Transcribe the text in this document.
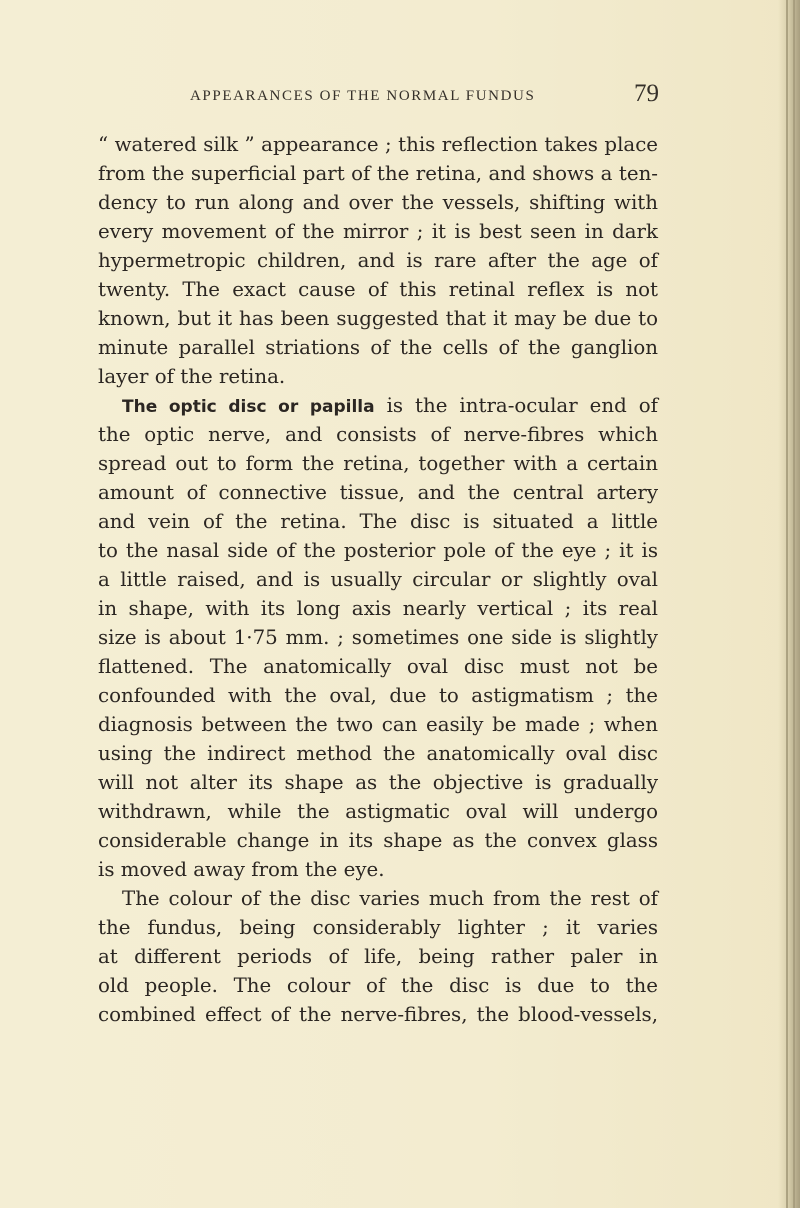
APPEARANCES OF THE NORMAL FUNDUS	79
“ watered silk ” appearance ; this reflection takes place
from the superficial part of the retina, and shows a ten-
dency to run along and over the vessels, shifting with
every movement of the mirror ; it is best seen in dark
hypermetropic children, and is rare after the age of
twenty. The exact cause of this retinal reflex is not
known, but it has been suggested that it may be due to
minute parallel striations of the cells of the ganglion
layer of the retina.
The optic disc or papilla is the intra-ocular end of
the optic nerve, and consists of nerve-fibres which
spread out to form the retina, together with a certain
amount of connective tissue, and the central artery
and vein of the retina. The disc is situated a little
to the nasal side of the posterior pole of the eye ; it is
a little raised, and is usually circular or slightly oval
in shape, with its long axis nearly vertical ; its real
size is about 1·75 mm. ; sometimes one side is slightly
flattened. The anatomically oval disc must not be
confounded with the oval, due to astigmatism ; the
diagnosis between the two can easily be made ; when
using the indirect method the anatomically oval disc
will not alter its shape as the objective is gradually
withdrawn, while the astigmatic oval will undergo
considerable change in its shape as the convex glass
is moved away from the eye.
The colour of the disc varies much from the rest of
the fundus, being considerably lighter ; it varies
at different periods of life, being rather paler in
old people. The colour of the disc is due to the
combined effect of the nerve-fibres, the blood-vessels,
